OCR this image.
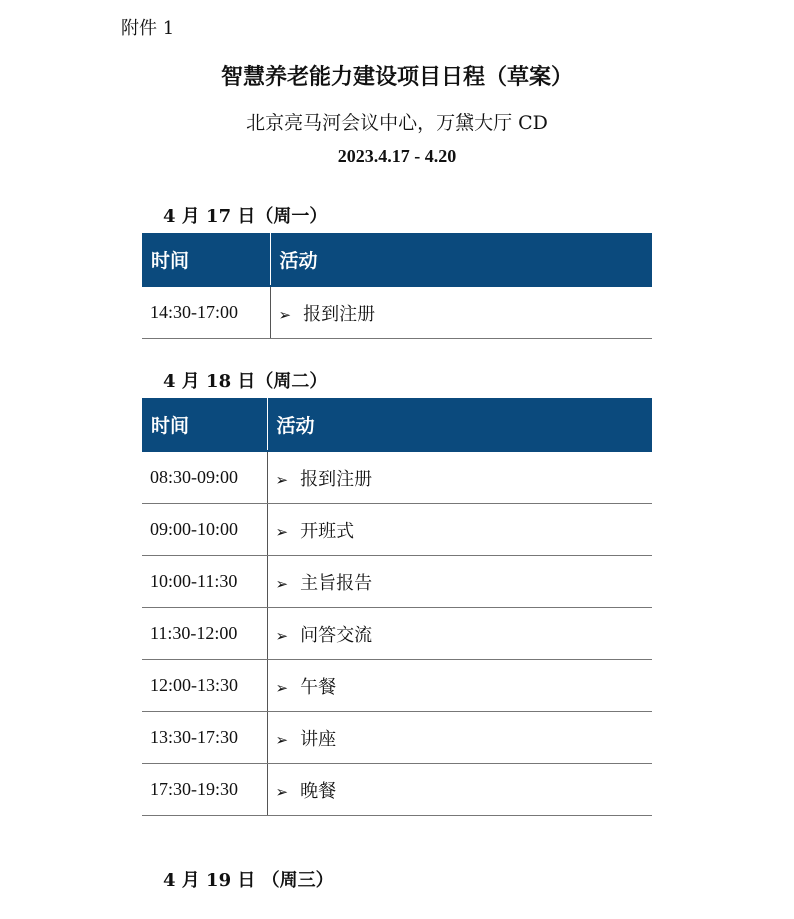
附件 1
智慧养老能力建设项目日程（草案）
北京亮马河会议中心，万黛大厅 CD
2023.4.17 - 4.20
4 月 17 日（周一）
时间	活动
14:30-17:00	➢ 报到注册
4 月 18 日（周二）
时间	活动
08:30-09:00	➢ 报到注册
09:00-10:00	➢ 开班式
10:00-11:30	➢ 主旨报告
11:30-12:00	➢ 问答交流
12:00-13:30	➢ 午餐
13:30-17:30	➢ 讲座
17:30-19:30	➢ 晚餐
4 月 19 日 （周三）
